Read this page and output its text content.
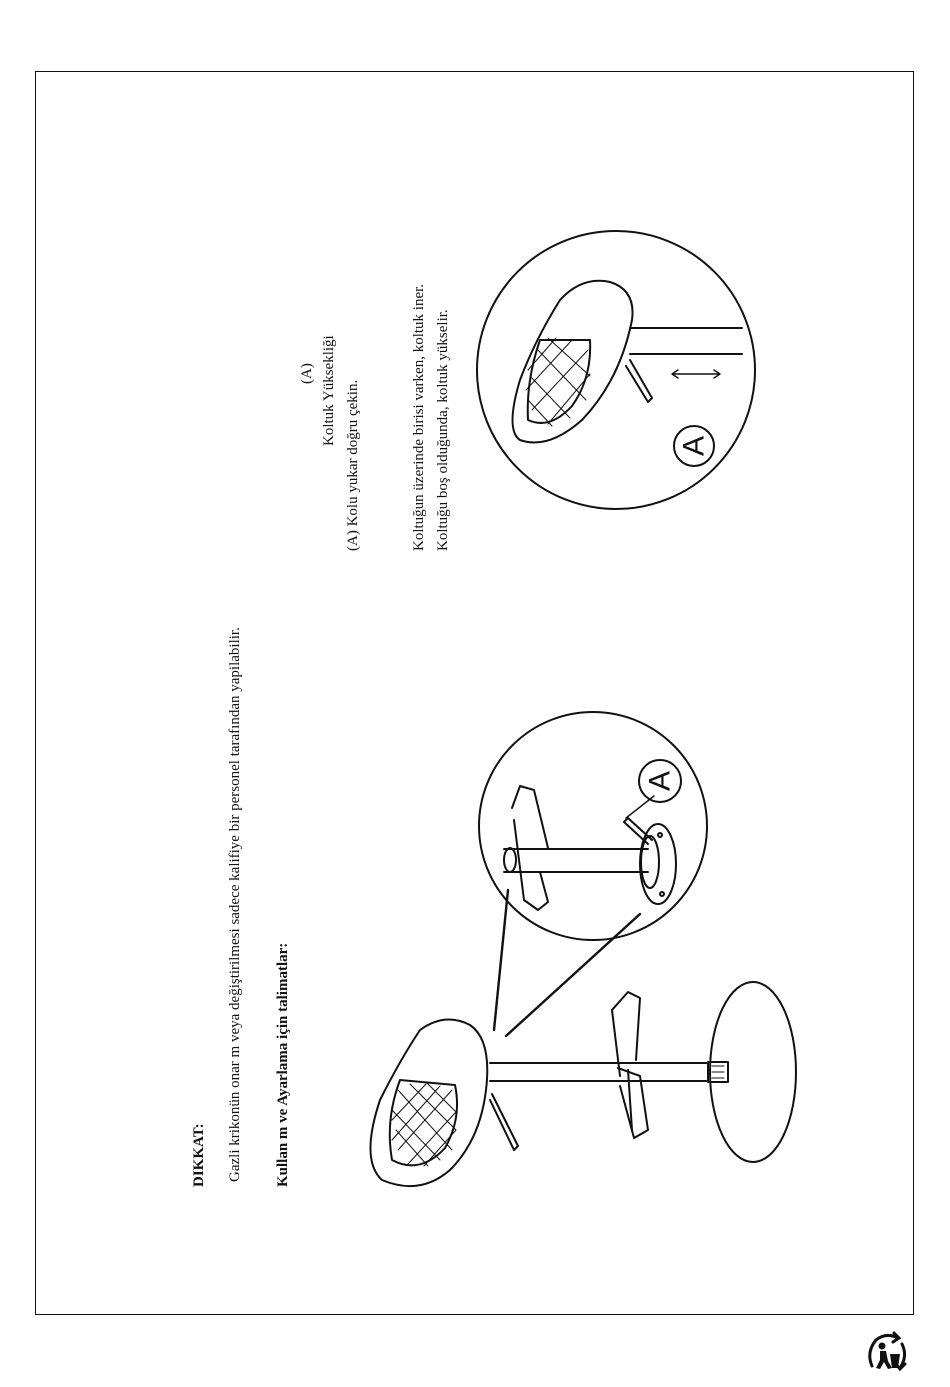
DIKKAT: Gazli krikonün onar m veya değiştirilmesi sadece kalifiye bir personel tarafından yapilabilir. Kullan m ve Ayarlama için talimatlar:
(A) Koltuk Yüksekliği (A) Kolu yukar doğru çekin.	Koltuğun üzerinde birisi varken, koltuk iner. Koltuğu boş olduğunda, koltuk yükselir.
A
A
